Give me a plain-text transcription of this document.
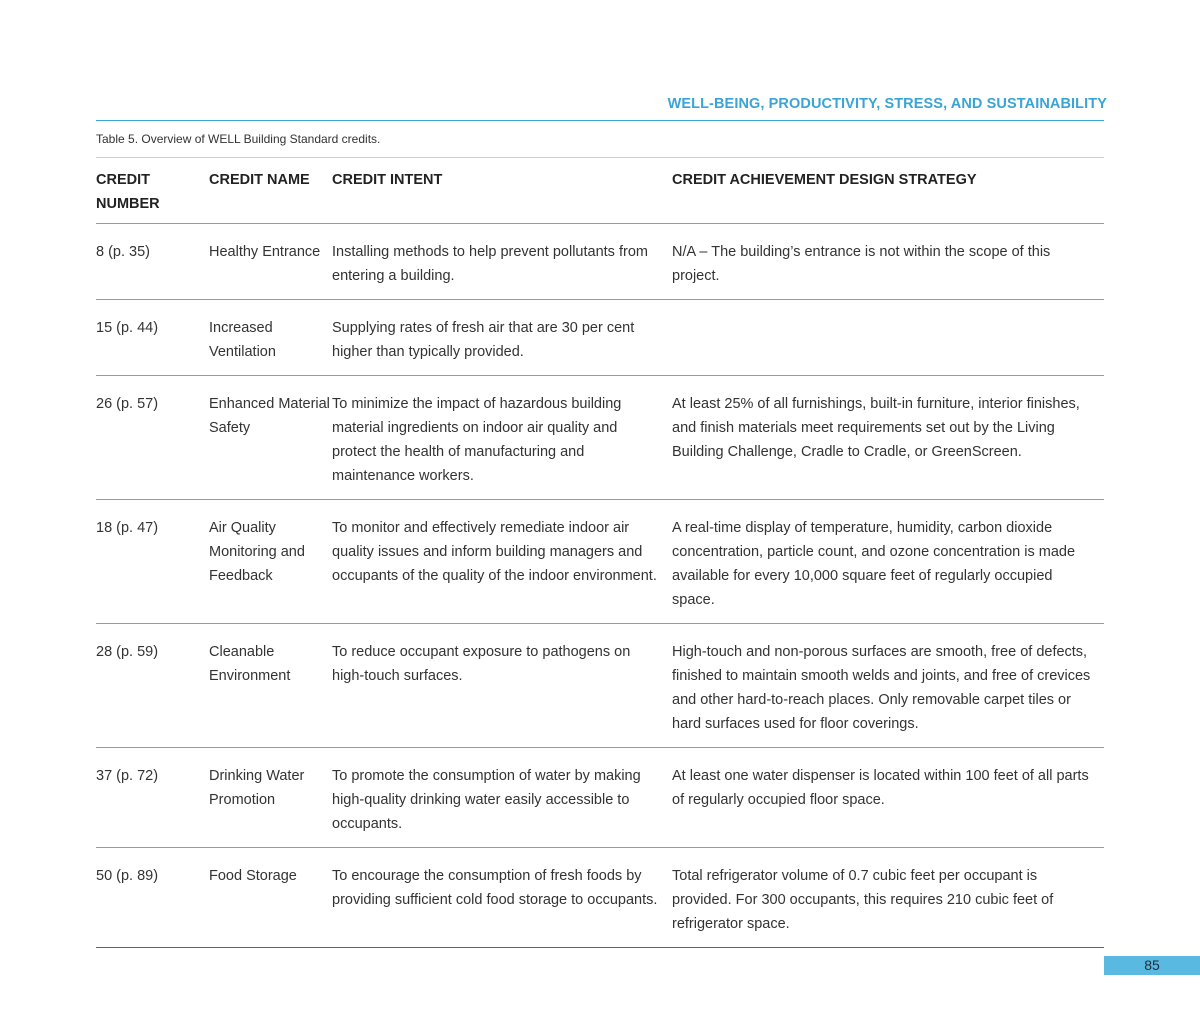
WELL-BEING, PRODUCTIVITY, STRESS, AND SUSTAINABILITY
Table 5. Overview of WELL Building Standard credits.
CREDIT NUMBER	CREDIT NAME	CREDIT INTENT	CREDIT ACHIEVEMENT DESIGN STRATEGY
8 (p. 35)	Healthy Entrance	Installing methods to help prevent pollutants from entering a building.	N/A – The building’s entrance is not within the scope of this project.
15 (p. 44)	Increased Ventilation	Supplying rates of fresh air that are 30 per cent higher than typically provided.	
26 (p. 57)	Enhanced Material Safety	To minimize the impact of hazardous building material ingredients on indoor air quality and protect the health of manufacturing and maintenance workers.	At least 25% of all furnishings, built-in furniture, interior finishes, and finish materials meet requirements set out by the Living Building Challenge, Cradle to Cradle, or GreenScreen.
18 (p. 47)	Air Quality Monitoring and Feedback	To monitor and effectively remediate indoor air quality issues and inform building managers and occupants of the quality of the indoor environment.	A real-time display of temperature, humidity, carbon dioxide concentration, particle count, and ozone concentration is made available for every 10,000 square feet of regularly occupied space.
28 (p. 59)	Cleanable Environment	To reduce occupant exposure to pathogens on high-touch surfaces.	High-touch and non-porous surfaces are smooth, free of defects, finished to maintain smooth welds and joints, and free of crevices and other hard-to-reach places. Only removable carpet tiles or hard surfaces used for floor coverings.
37 (p. 72)	Drinking Water Promotion	To promote the consumption of water by making high-quality drinking water easily accessible to occupants.	At least one water dispenser is located within 100 feet of all parts of regularly occupied floor space.
50 (p. 89)	Food Storage	To encourage the consumption of fresh foods by providing sufficient cold food storage to occupants.	Total refrigerator volume of 0.7 cubic feet per occupant is provided. For 300 occupants, this requires 210 cubic feet of refrigerator space.
85
